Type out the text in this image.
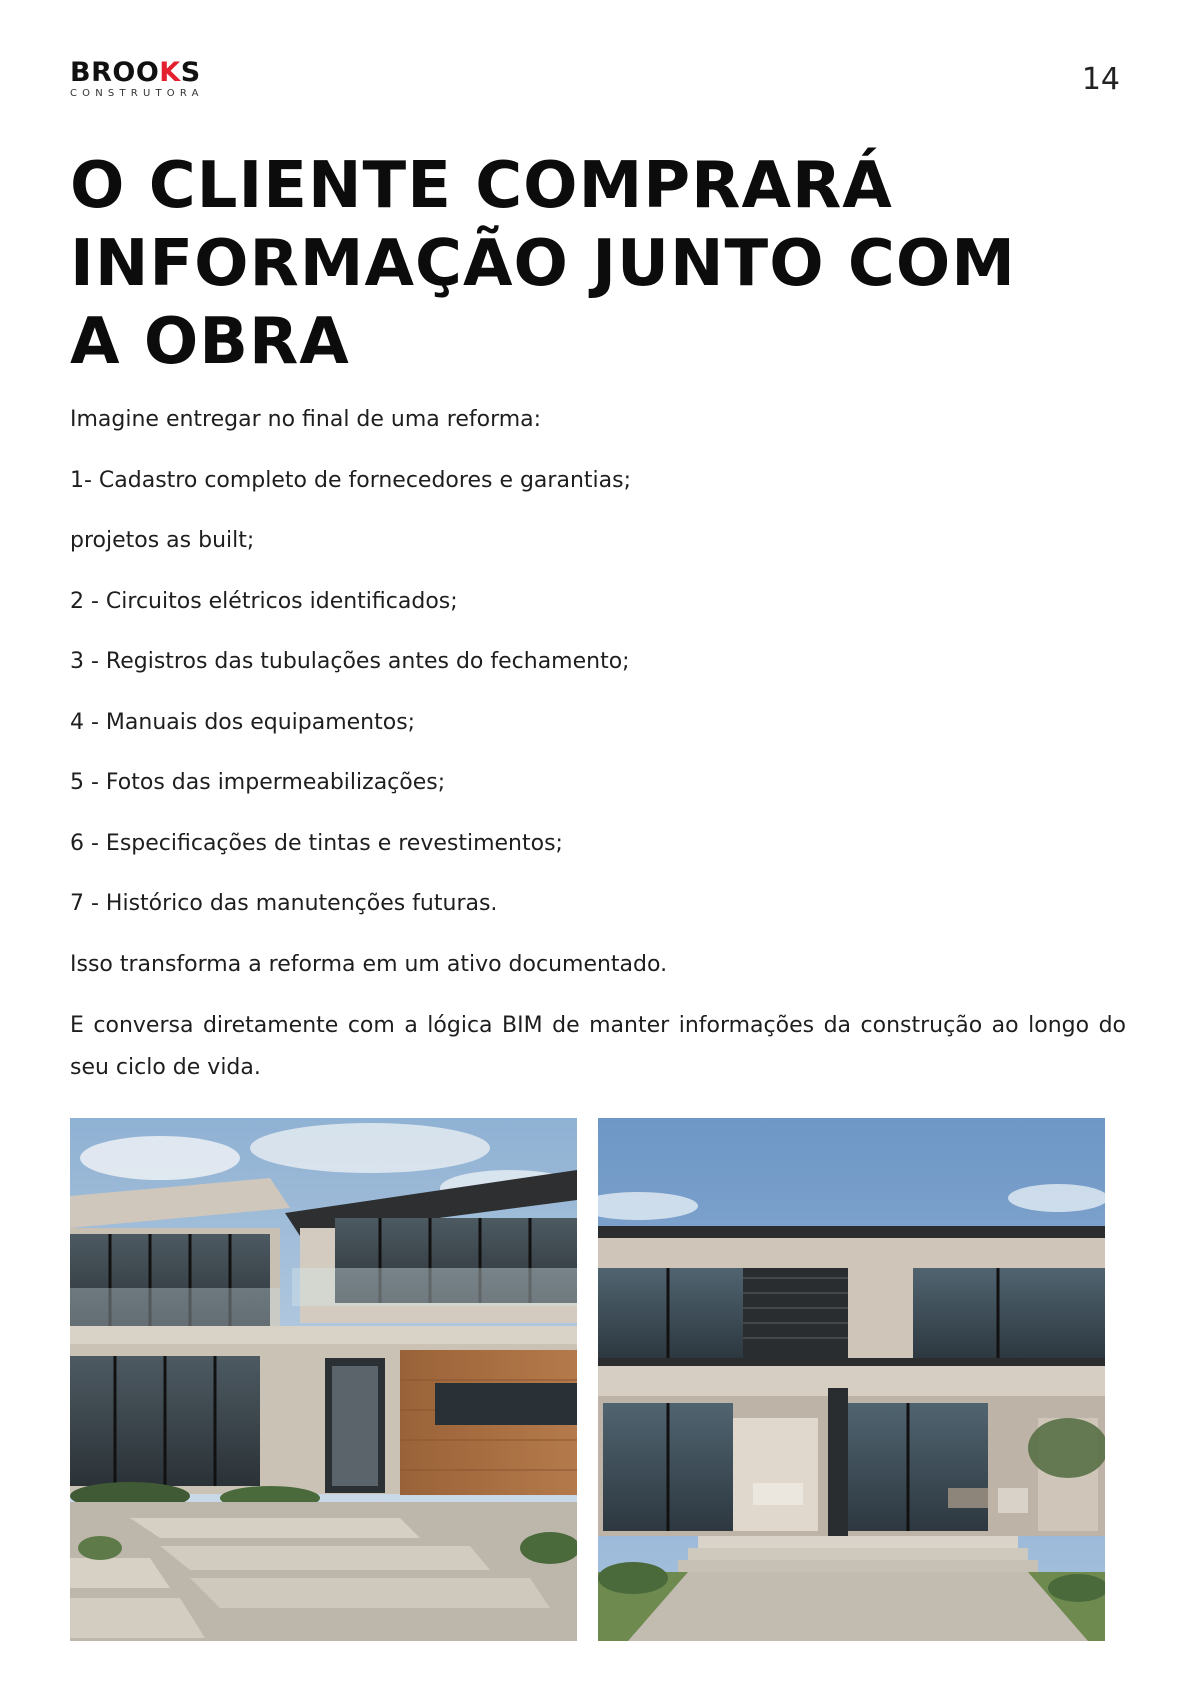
BROOKS
CONSTRUTORA	14
O CLIENTE COMPRARÁ
INFORMAÇÃO JUNTO COM
A OBRA

Imagine entregar no final de uma reforma:

1- Cadastro completo de fornecedores e garantias;

projetos as built;

2 - Circuitos elétricos identificados;

3 - Registros das tubulações antes do fechamento;

4 - Manuais dos equipamentos;

5 - Fotos das impermeabilizações;

6 - Especificações de tintas e revestimentos;

7 - Histórico das manutenções futuras.

Isso transforma a reforma em um ativo documentado.

E conversa diretamente com a lógica BIM de manter informações da construção ao longo do seu ciclo de vida.
